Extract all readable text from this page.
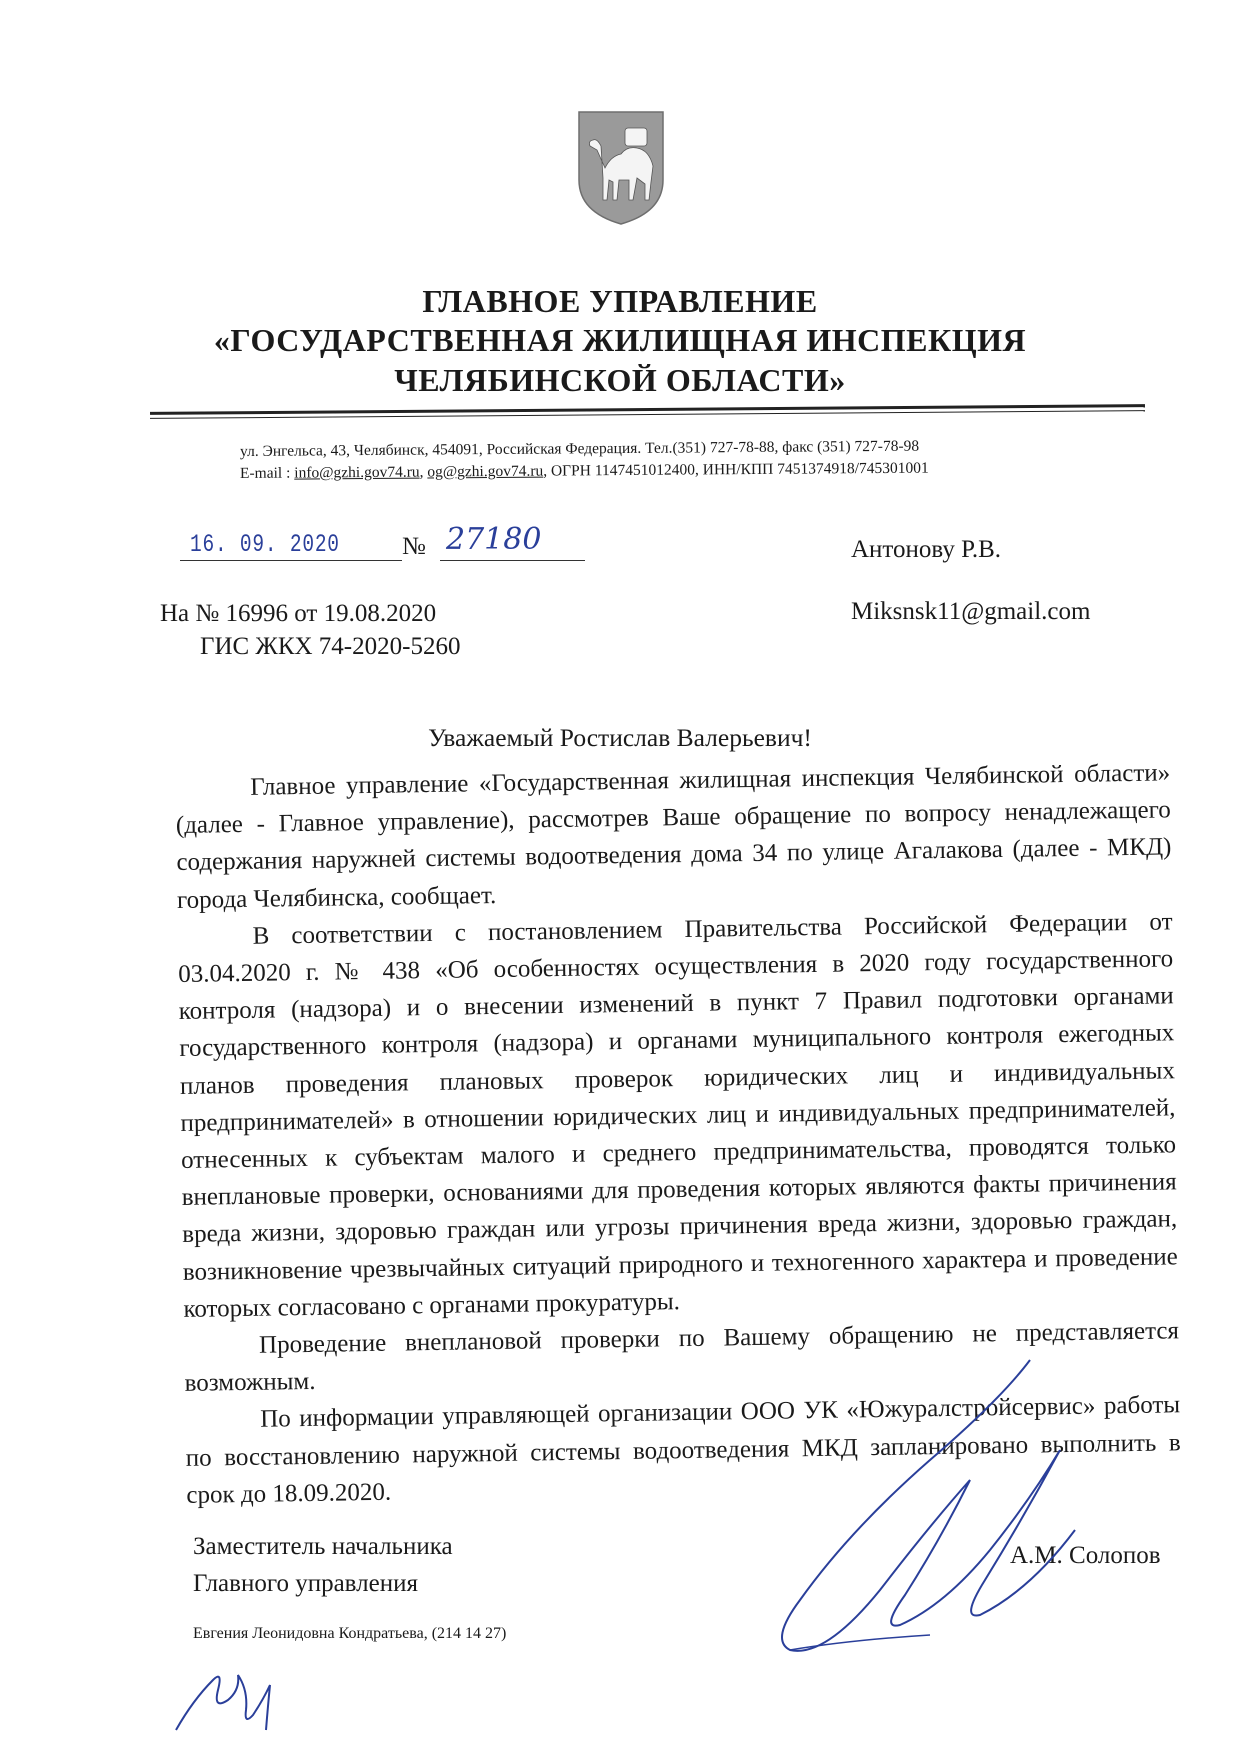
ГЛАВНОЕ УПРАВЛЕНИЕ
«ГОСУДАРСТВЕННАЯ ЖИЛИЩНАЯ ИНСПЕКЦИЯ
ЧЕЛЯБИНСКОЙ ОБЛАСТИ»
ул. Энгельса, 43, Челябинск, 454091, Российская Федерация. Тел.(351) 727-78-88, факс (351) 727-78-98
E-mail : info@gzhi.gov74.ru, og@gzhi.gov74.ru, ОГРН 1147451012400, ИНН/КПП 7451374918/745301001
16. 09. 2020 № 27180	Антонову Р.В.
Miksnsk11@gmail.com
На № 16996 от 19.08.2020
ГИС ЖКХ 74-2020-5260
Уважаемый Ростислав Валерьевич!

Главное управление «Государственная жилищная инспекция Челябинской области» (далее - Главное управление), рассмотрев Ваше обращение по вопросу ненадлежащего содержания наружней системы водоотведения дома 34 по улице Агалакова (далее - МКД) города Челябинска, сообщает.

В соответствии с постановлением Правительства Российской Федерации от 03.04.2020 г. № 438 «Об особенностях осуществления в 2020 году государственного контроля (надзора) и о внесении изменений в пункт 7 Правил подготовки органами государственного контроля (надзора) и органами муниципального контроля ежегодных планов проведения плановых проверок юридических лиц и индивидуальных предпринимателей» в отношении юридических лиц и индивидуальных предпринимателей, отнесенных к субъектам малого и среднего предпринимательства, проводятся только внеплановые проверки, основаниями для проведения которых являются факты причинения вреда жизни, здоровью граждан или угрозы причинения вреда жизни, здоровью граждан, возникновение чрезвычайных ситуаций природного и техногенного характера и проведение которых согласовано с органами прокуратуры.

Проведение внеплановой проверки по Вашему обращению не представляется возможным.

По информации управляющей организации ООО УК «Южуралстройсервис» работы по восстановлению наружной системы водоотведения МКД запланировано выполнить в срок до 18.09.2020.

Заместитель начальника
Главного управления
А.М. Солопов
Евгения Леонидовна Кондратьева, (214 14 27)
